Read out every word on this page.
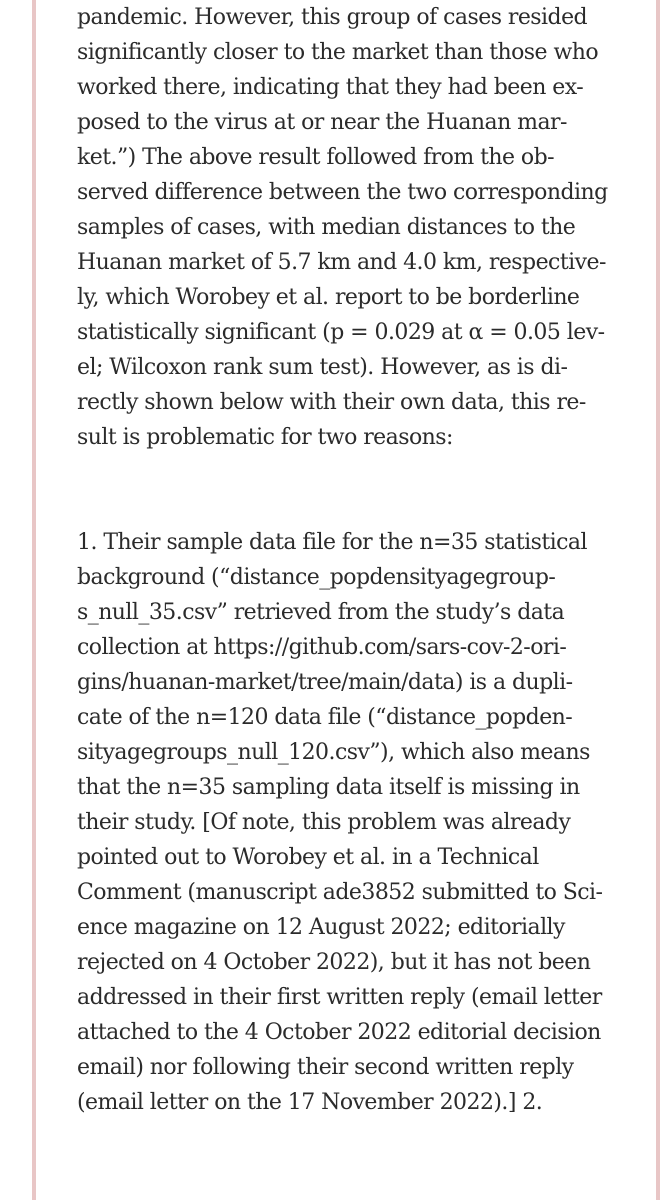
pandemic. However, this group of cases resided
significantly closer to the market than those who
worked there, indicating that they had been ex-
posed to the virus at or near the Huanan mar-
ket.”) The above result followed from the ob-
served difference between the two corresponding
samples of cases, with median distances to the
Huanan market of 5.7 km and 4.0 km, respective-
ly, which Worobey et al. report to be borderline
statistically significant (p = 0.029 at α = 0.05 lev-
el; Wilcoxon rank sum test). However, as is di-
rectly shown below with their own data, this re-
sult is problematic for two reasons:
1. Their sample data file for the n=35 statistical
background (“distance_popdensityagegroup-
s_null_35.csv” retrieved from the study’s data
collection at https://github.com/sars-cov-2-ori-
gins/huanan-market/tree/main/data) is a dupli-
cate of the n=120 data file (“distance_popden-
sityagegroups_null_120.csv”), which also means
that the n=35 sampling data itself is missing in
their study. [Of note, this problem was already
pointed out to Worobey et al. in a Technical
Comment (manuscript ade3852 submitted to Sci-
ence magazine on 12 August 2022; editorially
rejected on 4 October 2022), but it has not been
addressed in their first written reply (email letter
attached to the 4 October 2022 editorial decision
email) nor following their second written reply
(email letter on the 17 November 2022).] 2.
